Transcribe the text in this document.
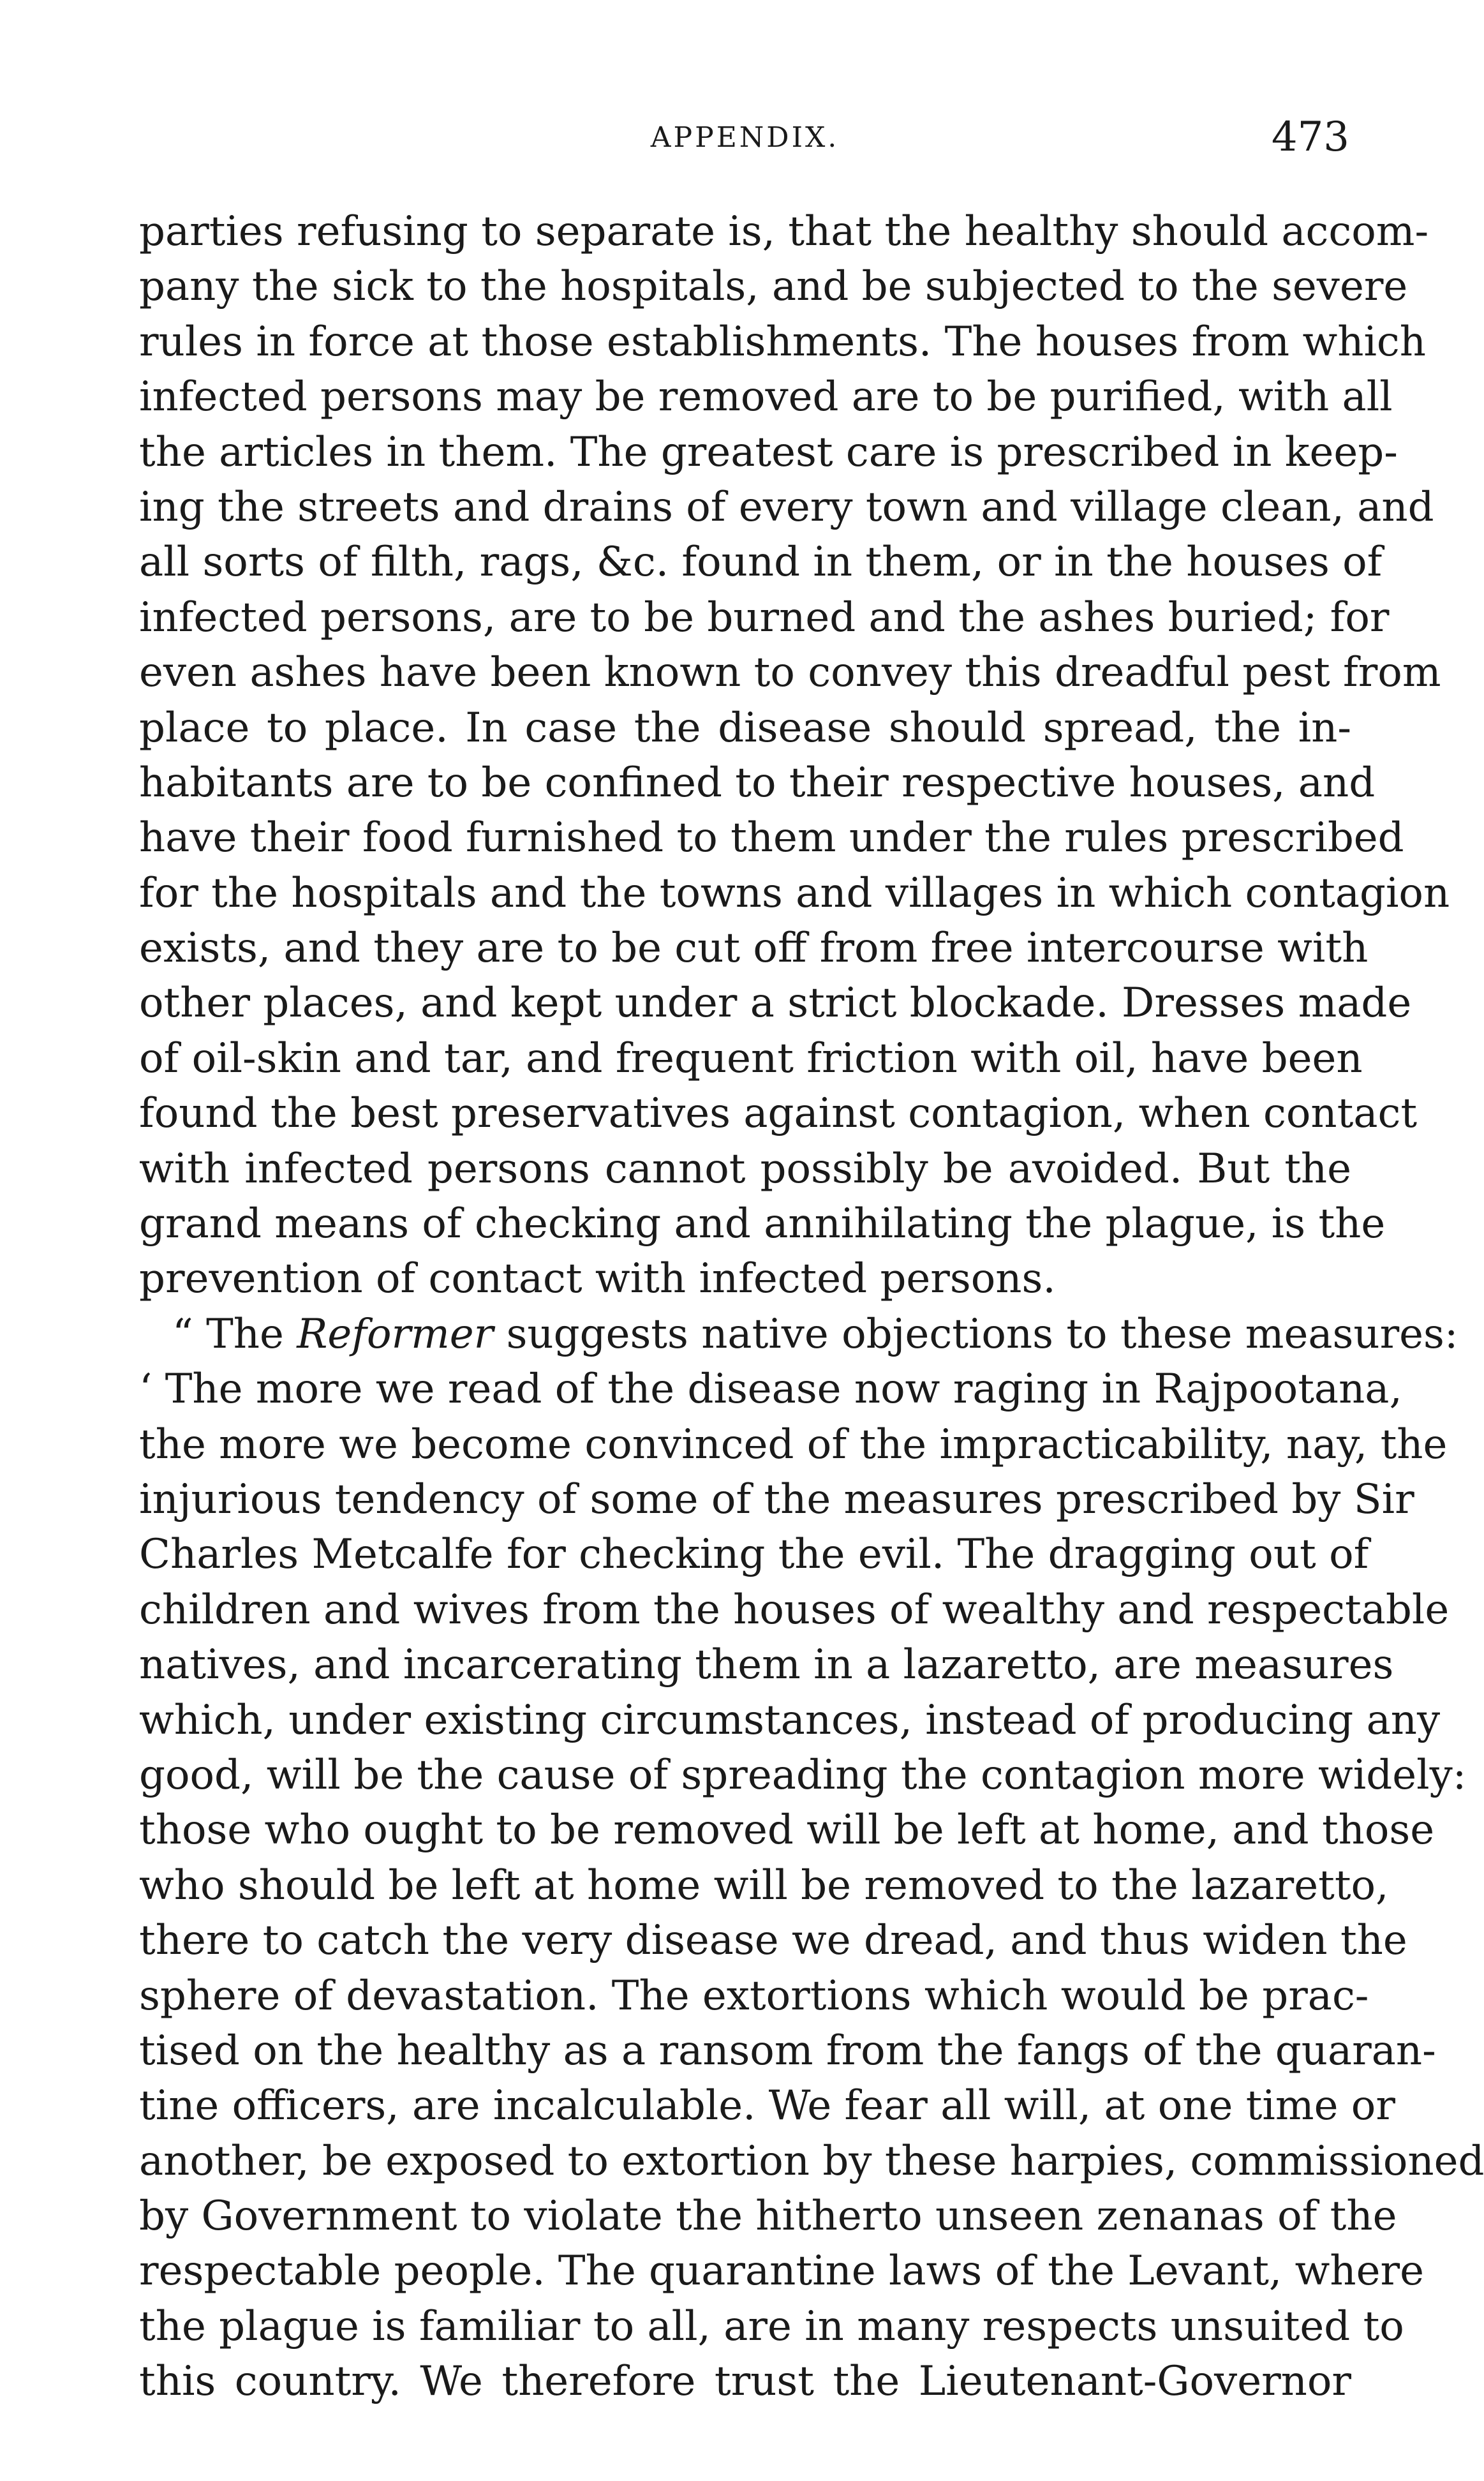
APPENDIX.	473
parties refusing to separate is, that the healthy should accom-
pany the sick to the hospitals, and be subjected to the severe
rules in force at those establishments. The houses from which
infected persons may be removed are to be purified, with all
the articles in them. The greatest care is prescribed in keep-
ing the streets and drains of every town and village clean, and
all sorts of filth, rags, &c. found in them, or in the houses of
infected persons, are to be burned and the ashes buried; for
even ashes have been known to convey this dreadful pest from
place to place. In case the disease should spread, the in-
habitants are to be confined to their respective houses, and
have their food furnished to them under the rules prescribed
for the hospitals and the towns and villages in which contagion
exists, and they are to be cut off from free intercourse with
other places, and kept under a strict blockade. Dresses made
of oil-skin and tar, and frequent friction with oil, have been
found the best preservatives against contagion, when contact
with infected persons cannot possibly be avoided. But the
grand means of checking and annihilating the plague, is the
prevention of contact with infected persons.
“ The Reformer suggests native objections to these measures:
‘ The more we read of the disease now raging in Rajpootana,
the more we become convinced of the impracticability, nay, the
injurious tendency of some of the measures prescribed by Sir
Charles Metcalfe for checking the evil. The dragging out of
children and wives from the houses of wealthy and respectable
natives, and incarcerating them in a lazaretto, are measures
which, under existing circumstances, instead of producing any
good, will be the cause of spreading the contagion more widely:
those who ought to be removed will be left at home, and those
who should be left at home will be removed to the lazaretto,
there to catch the very disease we dread, and thus widen the
sphere of devastation. The extortions which would be prac-
tised on the healthy as a ransom from the fangs of the quaran-
tine officers, are incalculable. We fear all will, at one time or
another, be exposed to extortion by these harpies, commissioned
by Government to violate the hitherto unseen zenanas of the
respectable people. The quarantine laws of the Levant, where
the plague is familiar to all, are in many respects unsuited to
this country. We therefore trust the Lieutenant-Governor
